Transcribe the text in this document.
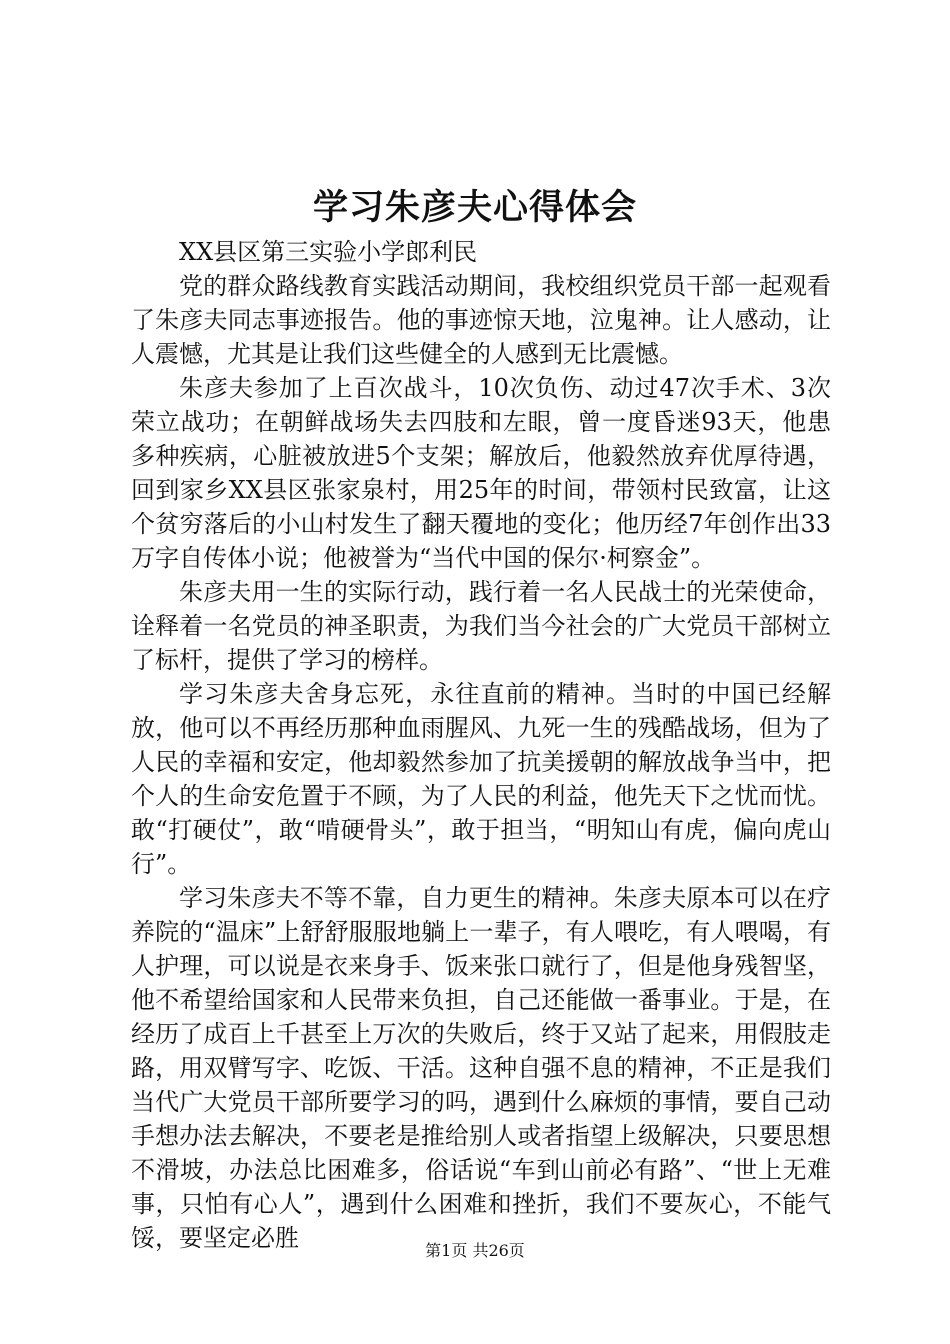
学习朱彦夫心得体会

XX县区第三实验小学郎利民

党的群众路线教育实践活动期间，我校组织党员干部一起观看了朱彦夫同志事迹报告。他的事迹惊天地，泣鬼神。让人感动，让人震憾，尤其是让我们这些健全的人感到无比震憾。

朱彦夫参加了上百次战斗，10次负伤、动过47次手术、3次荣立战功；在朝鲜战场失去四肢和左眼，曾一度昏迷93天，他患多种疾病，心脏被放进5个支架；解放后，他毅然放弃优厚待遇，回到家乡XX县区张家泉村，用25年的时间，带领村民致富，让这个贫穷落后的小山村发生了翻天覆地的变化；他历经7年创作出33万字自传体小说；他被誉为“当代中国的保尔·柯察金”。

朱彦夫用一生的实际行动，践行着一名人民战士的光荣使命，诠释着一名党员的神圣职责，为我们当今社会的广大党员干部树立了标杆，提供了学习的榜样。

学习朱彦夫舍身忘死，永往直前的精神。当时的中国已经解放，他可以不再经历那种血雨腥风、九死一生的残酷战场，但为了人民的幸福和安定，他却毅然参加了抗美援朝的解放战争当中，把个人的生命安危置于不顾，为了人民的利益，他先天下之忧而忧。敢“打硬仗”，敢“啃硬骨头”，敢于担当，“明知山有虎，偏向虎山行”。

学习朱彦夫不等不靠，自力更生的精神。朱彦夫原本可以在疗养院的“温床”上舒舒服服地躺上一辈子，有人喂吃，有人喂喝，有人护理，可以说是衣来身手、饭来张口就行了，但是他身残智坚，他不希望给国家和人民带来负担，自己还能做一番事业。于是，在经历了成百上千甚至上万次的失败后，终于又站了起来，用假肢走路，用双臂写字、吃饭、干活。这种自强不息的精神，不正是我们当代广大党员干部所要学习的吗，遇到什么麻烦的事情，要自己动手想办法去解决，不要老是推给别人或者指望上级解决，只要思想不滑坡，办法总比困难多，俗话说“车到山前必有路”、“世上无难事，只怕有心人”，遇到什么困难和挫折，我们不要灰心，不能气馁，要坚定必胜	第1页 共26页
